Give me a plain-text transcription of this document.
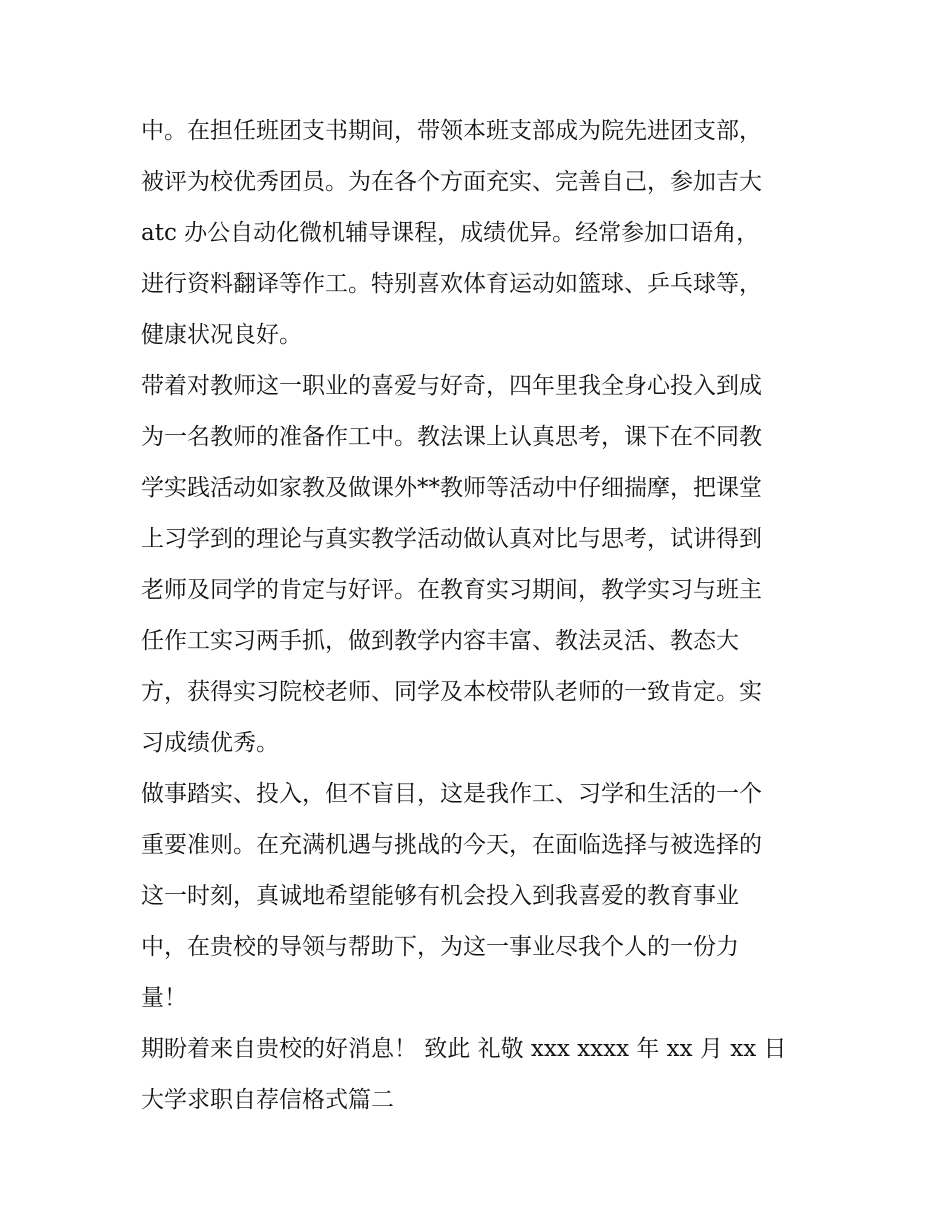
中。在担任班团支书期间，带领本班支部成为院先进团支部，
被评为校优秀团员。为在各个方面充实、完善自己，参加吉大
atc 办公自动化微机辅导课程，成绩优异。经常参加口语角，
进行资料翻译等作工。特别喜欢体育运动如篮球、乒乓球等，
健康状况良好。
带着对教师这一职业的喜爱与好奇，四年里我全身心投入到成
为一名教师的准备作工中。教法课上认真思考，课下在不同教
学实践活动如家教及做课外**教师等活动中仔细揣摩，把课堂
上习学到的理论与真实教学活动做认真对比与思考，试讲得到
老师及同学的肯定与好评。在教育实习期间，教学实习与班主
任作工实习两手抓，做到教学内容丰富、教法灵活、教态大
方，获得实习院校老师、同学及本校带队老师的一致肯定。实
习成绩优秀。
做事踏实、投入，但不盲目，这是我作工、习学和生活的一个
重要准则。在充满机遇与挑战的今天，在面临选择与被选择的
这一时刻，真诚地希望能够有机会投入到我喜爱的教育事业
中，在贵校的导领与帮助下，为这一事业尽我个人的一份力
量！
期盼着来自贵校的好消息！ 致此 礼敬 xxx xxxx 年 xx 月 xx 日
大学求职自荐信格式篇二
